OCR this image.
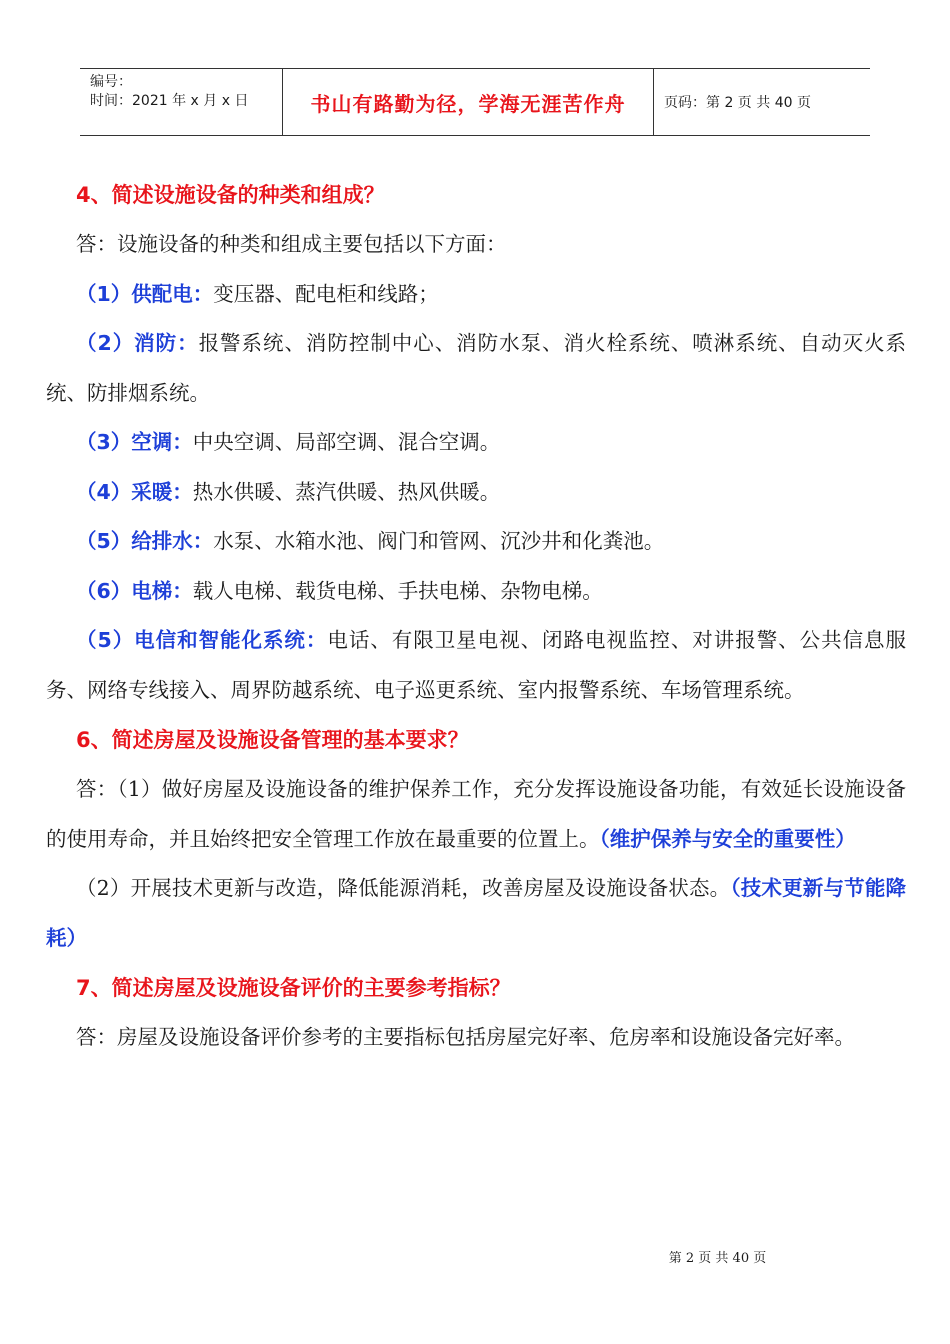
编号：
时间：2021 年 x 月 x 日	书山有路勤为径，学海无涯苦作舟	页码：第 2 页 共 40 页
4、简述设施设备的种类和组成？

答：设施设备的种类和组成主要包括以下方面：

（1）供配电：变压器、配电柜和线路；

（2）消防：报警系统、消防控制中心、消防水泵、消火栓系统、喷淋系统、自动灭火系统、防排烟系统。

（3）空调：中央空调、局部空调、混合空调。

（4）采暖：热水供暖、蒸汽供暖、热风供暖。

（5）给排水：水泵、水箱水池、阀门和管网、沉沙井和化粪池。

（6）电梯：载人电梯、载货电梯、手扶电梯、杂物电梯。

（5）电信和智能化系统：电话、有限卫星电视、闭路电视监控、对讲报警、公共信息服务、网络专线接入、周界防越系统、电子巡更系统、室内报警系统、车场管理系统。

6、简述房屋及设施设备管理的基本要求？

答：（1）做好房屋及设施设备的维护保养工作，充分发挥设施设备功能，有效延长设施设备的使用寿命，并且始终把安全管理工作放在最重要的位置上。（维护保养与安全的重要性）

（2）开展技术更新与改造，降低能源消耗，改善房屋及设施设备状态。（技术更新与节能降耗）

7、简述房屋及设施设备评价的主要参考指标？

答：房屋及设施设备评价参考的主要指标包括房屋完好率、危房率和设施设备完好率。

第 2 页 共 40 页
